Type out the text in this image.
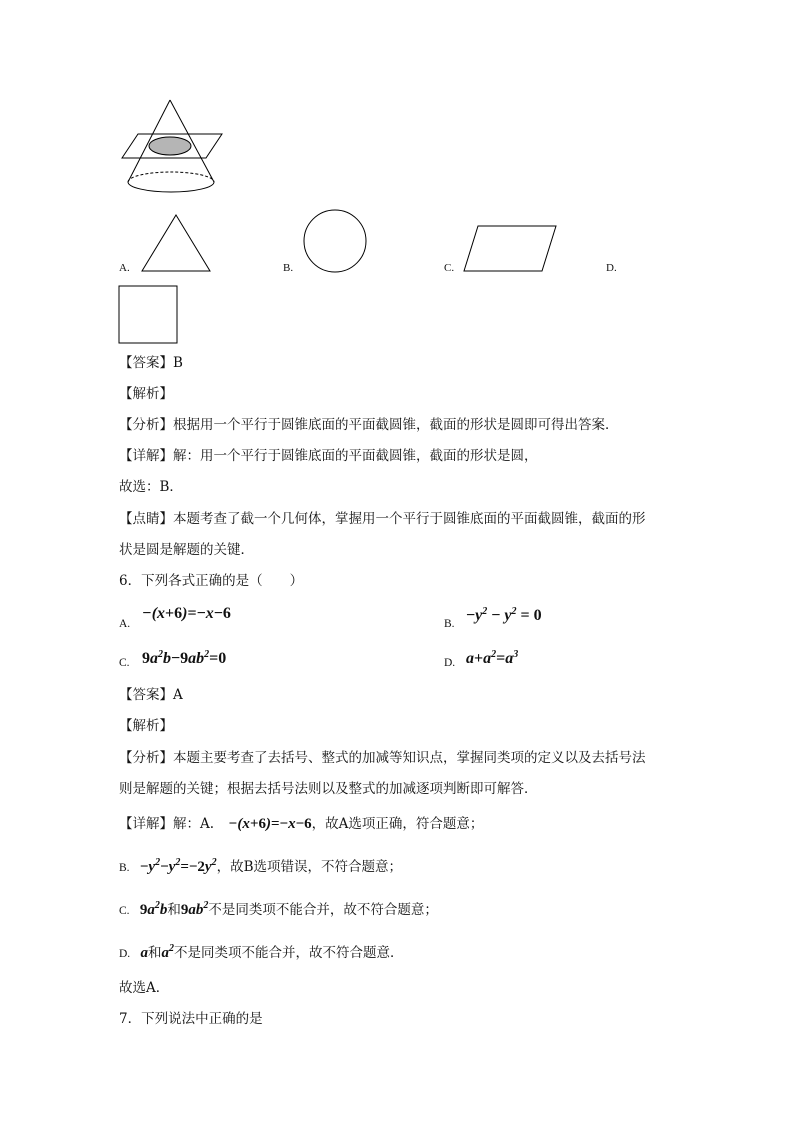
A.	B.	C.	D.
【答案】B
【解析】
【分析】根据用一个平行于圆锥底面的平面截圆锥，截面的形状是圆即可得出答案．
【详解】解：用一个平行于圆锥底面的平面截圆锥，截面的形状是圆，
故选：B．
【点睛】本题考查了截一个几何体，掌握用一个平行于圆锥底面的平面截圆锥，截面的形
状是圆是解题的关键．
6．下列各式正确的是（　　）
A.
−(x+6)=−x−6
B. $-y^2 - y^2 = 0$
C. $9a^2b-9ab^2=0$	D. $a+a^2=a^3$
【答案】A
【解析】
【分析】本题主要考查了去括号、整式的加减等知识点，掌握同类项的定义以及去括号法
则是解题的关键；根据去括号法则以及整式的加减逐项判断即可解答．
【详解】解：A. −(x+6)=−x−6，故A选项正确，符合题意；
B. $-y^2-y^2=-2y^2$，故B选项错误，不符合题意；
C. $9a^2b$和$9ab^2$不是同类项不能合并，故不符合题意；
D. a和$a^2$不是同类项不能合并，故不符合题意．
故选A．
7．下列说法中正确的是
